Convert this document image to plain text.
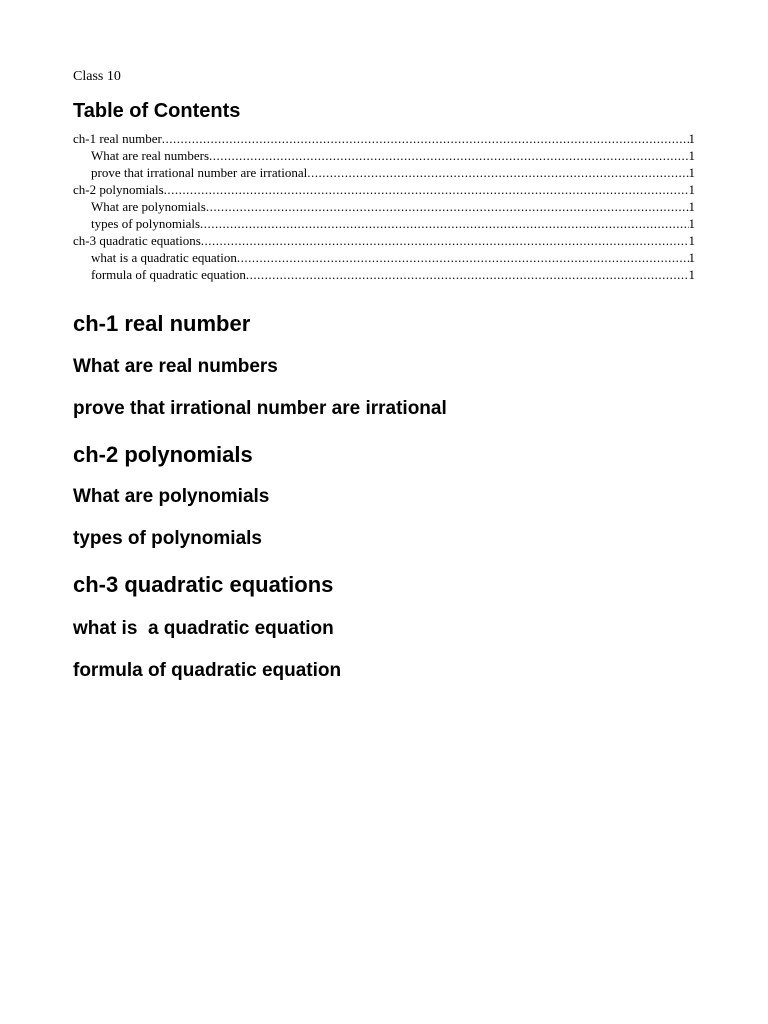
Class 10
Table of Contents
ch-1 real number .....	1
What are real numbers .....	1
prove that irrational number are irrational .....	1
ch-2 polynomials .....	1
What are polynomials .....	1
types of polynomials .....	1
ch-3 quadratic equations .....	1
what is a quadratic equation .....	1
formula of quadratic equation .....	1
ch-1 real number
What are real numbers
prove that irrational number are irrational
ch-2 polynomials
What are polynomials
types of polynomials
ch-3 quadratic equations
what is  a quadratic equation
formula of quadratic equation
